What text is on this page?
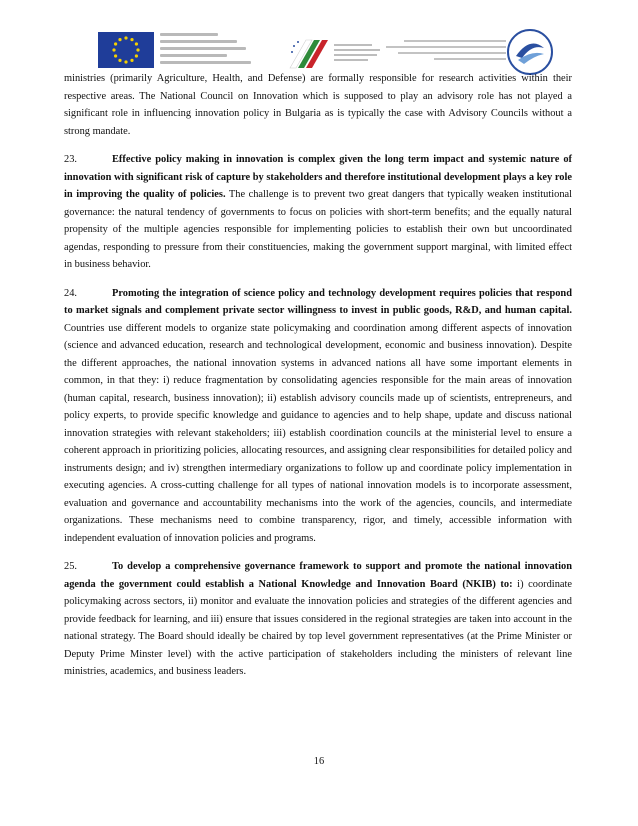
ministries (primarily Agriculture, Health, and Defense) are formally responsible for research activities within their respective areas. The National Council on Innovation which is supposed to play an advisory role has not played a significant role in influencing innovation policy in Bulgaria as is typically the case with Advisory Councils without a strong mandate.

23.	Effective policy making in innovation is complex given the long term impact and systemic nature of innovation with significant risk of capture by stakeholders and therefore institutional development plays a key role in improving the quality of policies. The challenge is to prevent two great dangers that typically weaken institutional governance: the natural tendency of governments to focus on policies with short-term benefits; and the equally natural propensity of the multiple agencies responsible for implementing policies to establish their own but uncoordinated agendas, responding to pressure from their constituencies, making the government support marginal, with limited effect in business behavior.

24.	Promoting the integration of science policy and technology development requires policies that respond to market signals and complement private sector willingness to invest in public goods, R&D, and human capital. Countries use different models to organize state policymaking and coordination among different aspects of innovation (science and advanced education, research and technological development, economic and business innovation). Despite the different approaches, the national innovation systems in advanced nations all have some important elements in common, in that they: i) reduce fragmentation by consolidating agencies responsible for the main areas of innovation (human capital, research, business innovation); ii) establish advisory councils made up of scientists, entrepreneurs, and policy experts, to provide specific knowledge and guidance to agencies and to help shape, update and discuss national innovation strategies with relevant stakeholders; iii) establish coordination councils at the ministerial level to ensure a coherent approach in prioritizing policies, allocating resources, and assigning clear responsibilities for detailed policy and instruments design; and iv) strengthen intermediary organizations to follow up and coordinate policy implementation in executing agencies. A cross-cutting challenge for all types of national innovation models is to incorporate assessment, evaluation and governance and accountability mechanisms into the work of the agencies, councils, and intermediate organizations. These mechanisms need to combine transparency, rigor, and timely, accessible information with independent evaluation of innovation policies and programs.

25.	To develop a comprehensive governance framework to support and promote the national innovation agenda the government could establish a National Knowledge and Innovation Board (NKIB) to: i) coordinate policymaking across sectors, ii) monitor and evaluate the innovation policies and strategies of the different agencies and provide feedback for learning, and iii) ensure that issues considered in the regional strategies are taken into account in the national strategy. The Board should ideally be chaired by top level government representatives (at the Prime Minister or Deputy Prime Minster level) with the active participation of stakeholders including the ministers of relevant line ministries, academics, and business leaders.

16
